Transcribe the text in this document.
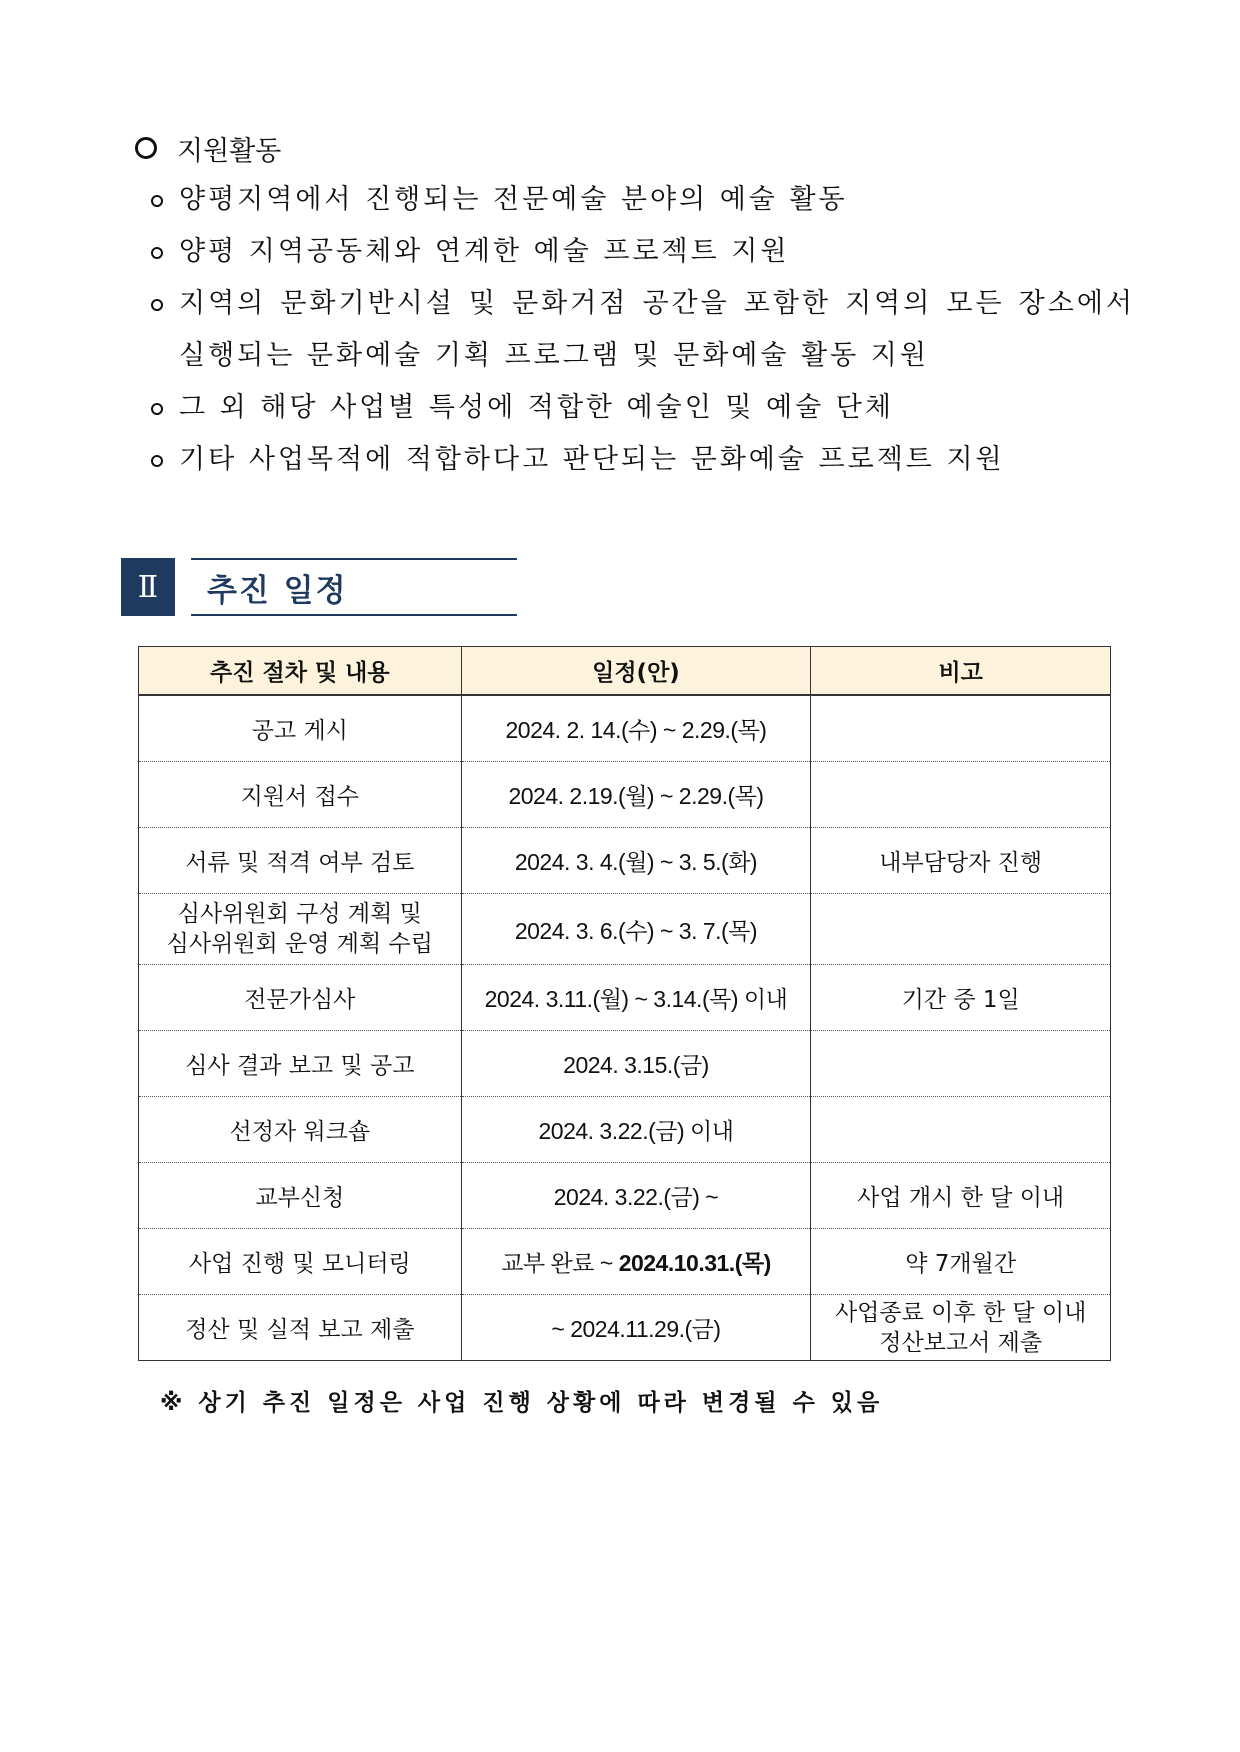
지원활동
양평지역에서 진행되는 전문예술 분야의 예술 활동
양평 지역공동체와 연계한 예술 프로젝트 지원
지역의 문화기반시설 및 문화거점 공간을 포함한 지역의 모든 장소에서 실행되는 문화예술 기획 프로그램 및 문화예술 활동 지원
그 외 해당 사업별 특성에 적합한 예술인 및 예술 단체
기타 사업목적에 적합하다고 판단되는 문화예술 프로젝트 지원
Ⅱ	추진 일정
추진 절차 및 내용	일정(안)	비고
공고 게시	2024. 2. 14.(수) ~ 2.29.(목)	
지원서 접수	2024. 2.19.(월) ~ 2.29.(목)	
서류 및 적격 여부 검토	2024. 3. 4.(월) ~ 3. 5.(화)	내부담당자 진행

심사위원회 구성 계획 및
심사위원회 운영 계획 수립	2024. 3. 6.(수) ~ 3. 7.(목)	
전문가심사	2024. 3.11.(월) ~ 3.14.(목) 이내	기간 중 1일
심사 결과 보고 및 공고	2024. 3.15.(금)	
선정자 워크숍	2024. 3.22.(금) 이내	
교부신청	2024. 3.22.(금) ~	사업 개시 한 달 이내
사업 진행 및 모니터링	교부 완료 ~ 2024.10.31.(목)	약 7개월간
정산 및 실적 보고 제출	~ 2024.11.29.(금)	사업종료 이후 한 달 이내
정산보고서 제출
※ 상기 추진 일정은 사업 진행 상황에 따라 변경될 수 있음
